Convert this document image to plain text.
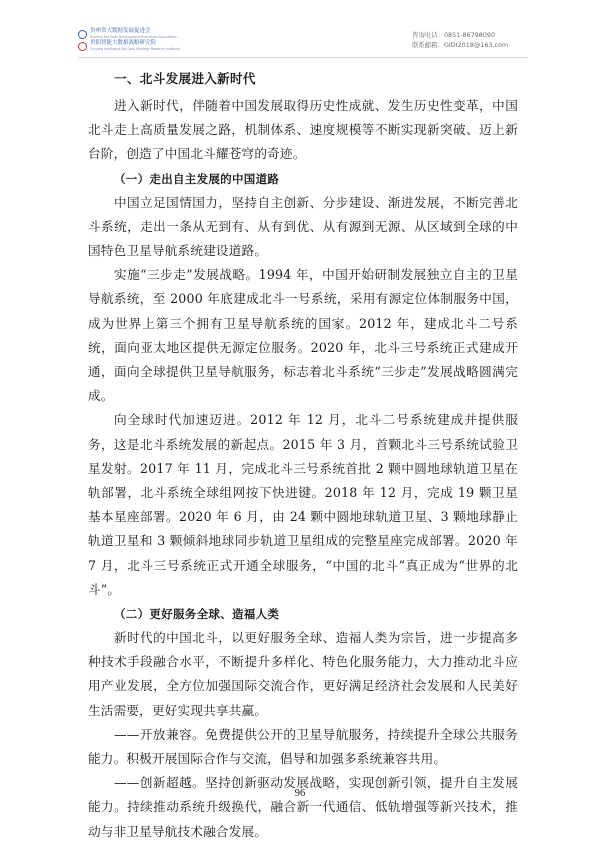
贵州省大数据发展促进会
Guizhou Big Data Development Promotion Association
贵阳智能大数据战略研究院
Guiyang Intelligent Big Data Strategy Research Institute
咨询电话：0851-86798090
联系邮箱：GIDI2018@163.com
一、北斗发展进入新时代

进入新时代，伴随着中国发展取得历史性成就、发生历史性变革，中国北斗走上高质量发展之路，机制体系、速度规模等不断实现新突破、迈上新台阶，创造了中国北斗耀苍穹的奇迹。

（一）走出自主发展的中国道路

中国立足国情国力，坚持自主创新、分步建设、渐进发展，不断完善北斗系统，走出一条从无到有、从有到优、从有源到无源、从区域到全球的中国特色卫星导航系统建设道路。

实施“三步走”发展战略。1994 年，中国开始研制发展独立自主的卫星导航系统，至 2000 年底建成北斗一号系统，采用有源定位体制服务中国，成为世界上第三个拥有卫星导航系统的国家。2012 年，建成北斗二号系统，面向亚太地区提供无源定位服务。2020 年，北斗三号系统正式建成开通，面向全球提供卫星导航服务，标志着北斗系统“三步走”发展战略圆满完成。

向全球时代加速迈进。2012 年 12 月，北斗二号系统建成并提供服务，这是北斗系统发展的新起点。2015 年 3 月，首颗北斗三号系统试验卫星发射。2017 年 11 月，完成北斗三号系统首批 2 颗中圆地球轨道卫星在轨部署，北斗系统全球组网按下快进键。2018 年 12 月，完成 19 颗卫星基本星座部署。2020 年 6 月，由 24 颗中圆地球轨道卫星、3 颗地球静止轨道卫星和 3 颗倾斜地球同步轨道卫星组成的完整星座完成部署。2020 年 7 月，北斗三号系统正式开通全球服务，“中国的北斗”真正成为“世界的北斗”。

（二）更好服务全球、造福人类

新时代的中国北斗，以更好服务全球、造福人类为宗旨，进一步提高多种技术手段融合水平，不断提升多样化、特色化服务能力，大力推动北斗应用产业发展，全方位加强国际交流合作，更好满足经济社会发展和人民美好生活需要，更好实现共享共赢。

——开放兼容。免费提供公开的卫星导航服务，持续提升全球公共服务能力。积极开展国际合作与交流，倡导和加强多系统兼容共用。

——创新超越。坚持创新驱动发展战略，实现创新引领，提升自主发展能力。持续推动系统升级换代，融合新一代通信、低轨增强等新兴技术，推动与非卫星导航技术融合发展。

96
